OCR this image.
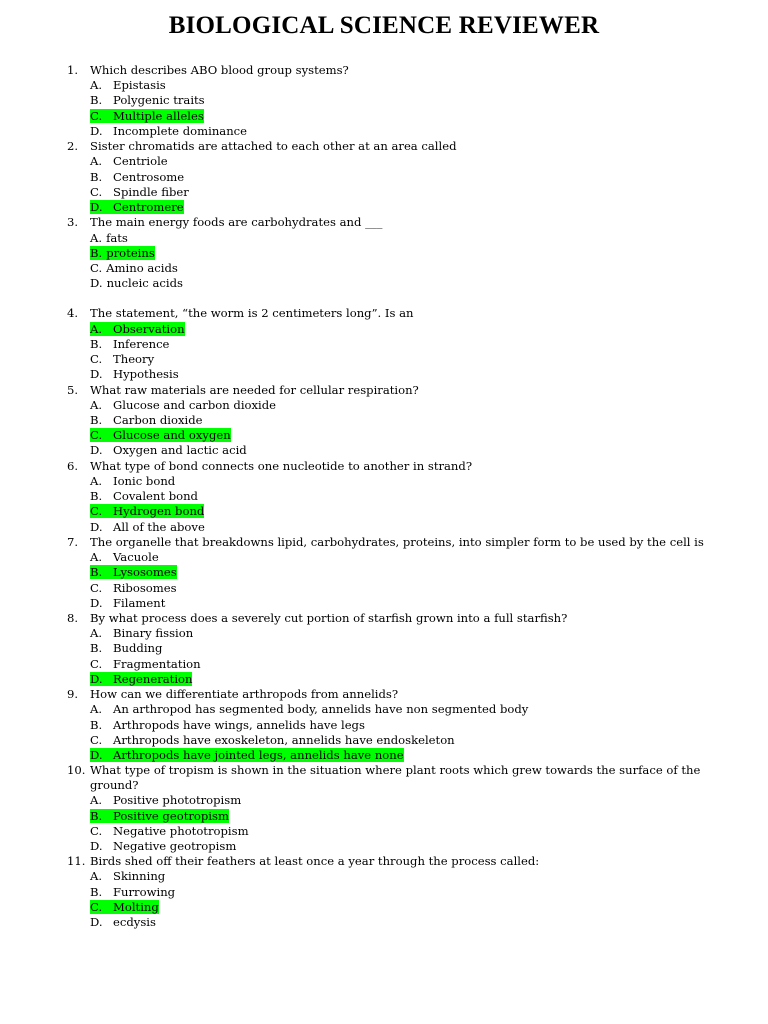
BIOLOGICAL SCIENCE REVIEWER
1. Which describes ABO blood group systems?
A. Epistasis
B. Polygenic traits
C. Multiple alleles
D. Incomplete dominance
2. Sister chromatids are attached to each other at an area called
A. Centriole
B. Centrosome
C. Spindle fiber
D. Centromere
3. The main energy foods are carbohydrates and ___
A. fats
B. proteins
C. Amino acids
D. nucleic acids
4. The statement, “the worm is 2 centimeters long”. Is an
A. Observation
B. Inference
C. Theory
D. Hypothesis
5. What raw materials are needed for cellular respiration?
A. Glucose and carbon dioxide
B. Carbon dioxide
C. Glucose and oxygen
D. Oxygen and lactic acid
6. What type of bond connects one nucleotide to another in strand?
A. Ionic bond
B. Covalent bond
C. Hydrogen bond
D. All of the above
7. The organelle that breakdowns lipid, carbohydrates, proteins, into simpler form to be used by the cell is
A. Vacuole
B. Lysosomes
C. Ribosomes
D. Filament
8. By what process does a severely cut portion of starfish grown into a full starfish?
A. Binary fission
B. Budding
C. Fragmentation
D. Regeneration
9. How can we differentiate arthropods from annelids?
A. An arthropod has segmented body, annelids have non segmented body
B. Arthropods have wings, annelids have legs
C. Arthropods have exoskeleton, annelids have endoskeleton
D. Arthropods have jointed legs, annelids have none
10. What type of tropism is shown in the situation where plant roots which grew towards the surface of the ground?
A. Positive phototropism
B. Positive geotropism
C. Negative phototropism
D. Negative geotropism
11. Birds shed off their feathers at least once a year through the process called:
A. Skinning
B. Furrowing
C. Molting
D. ecdysis
